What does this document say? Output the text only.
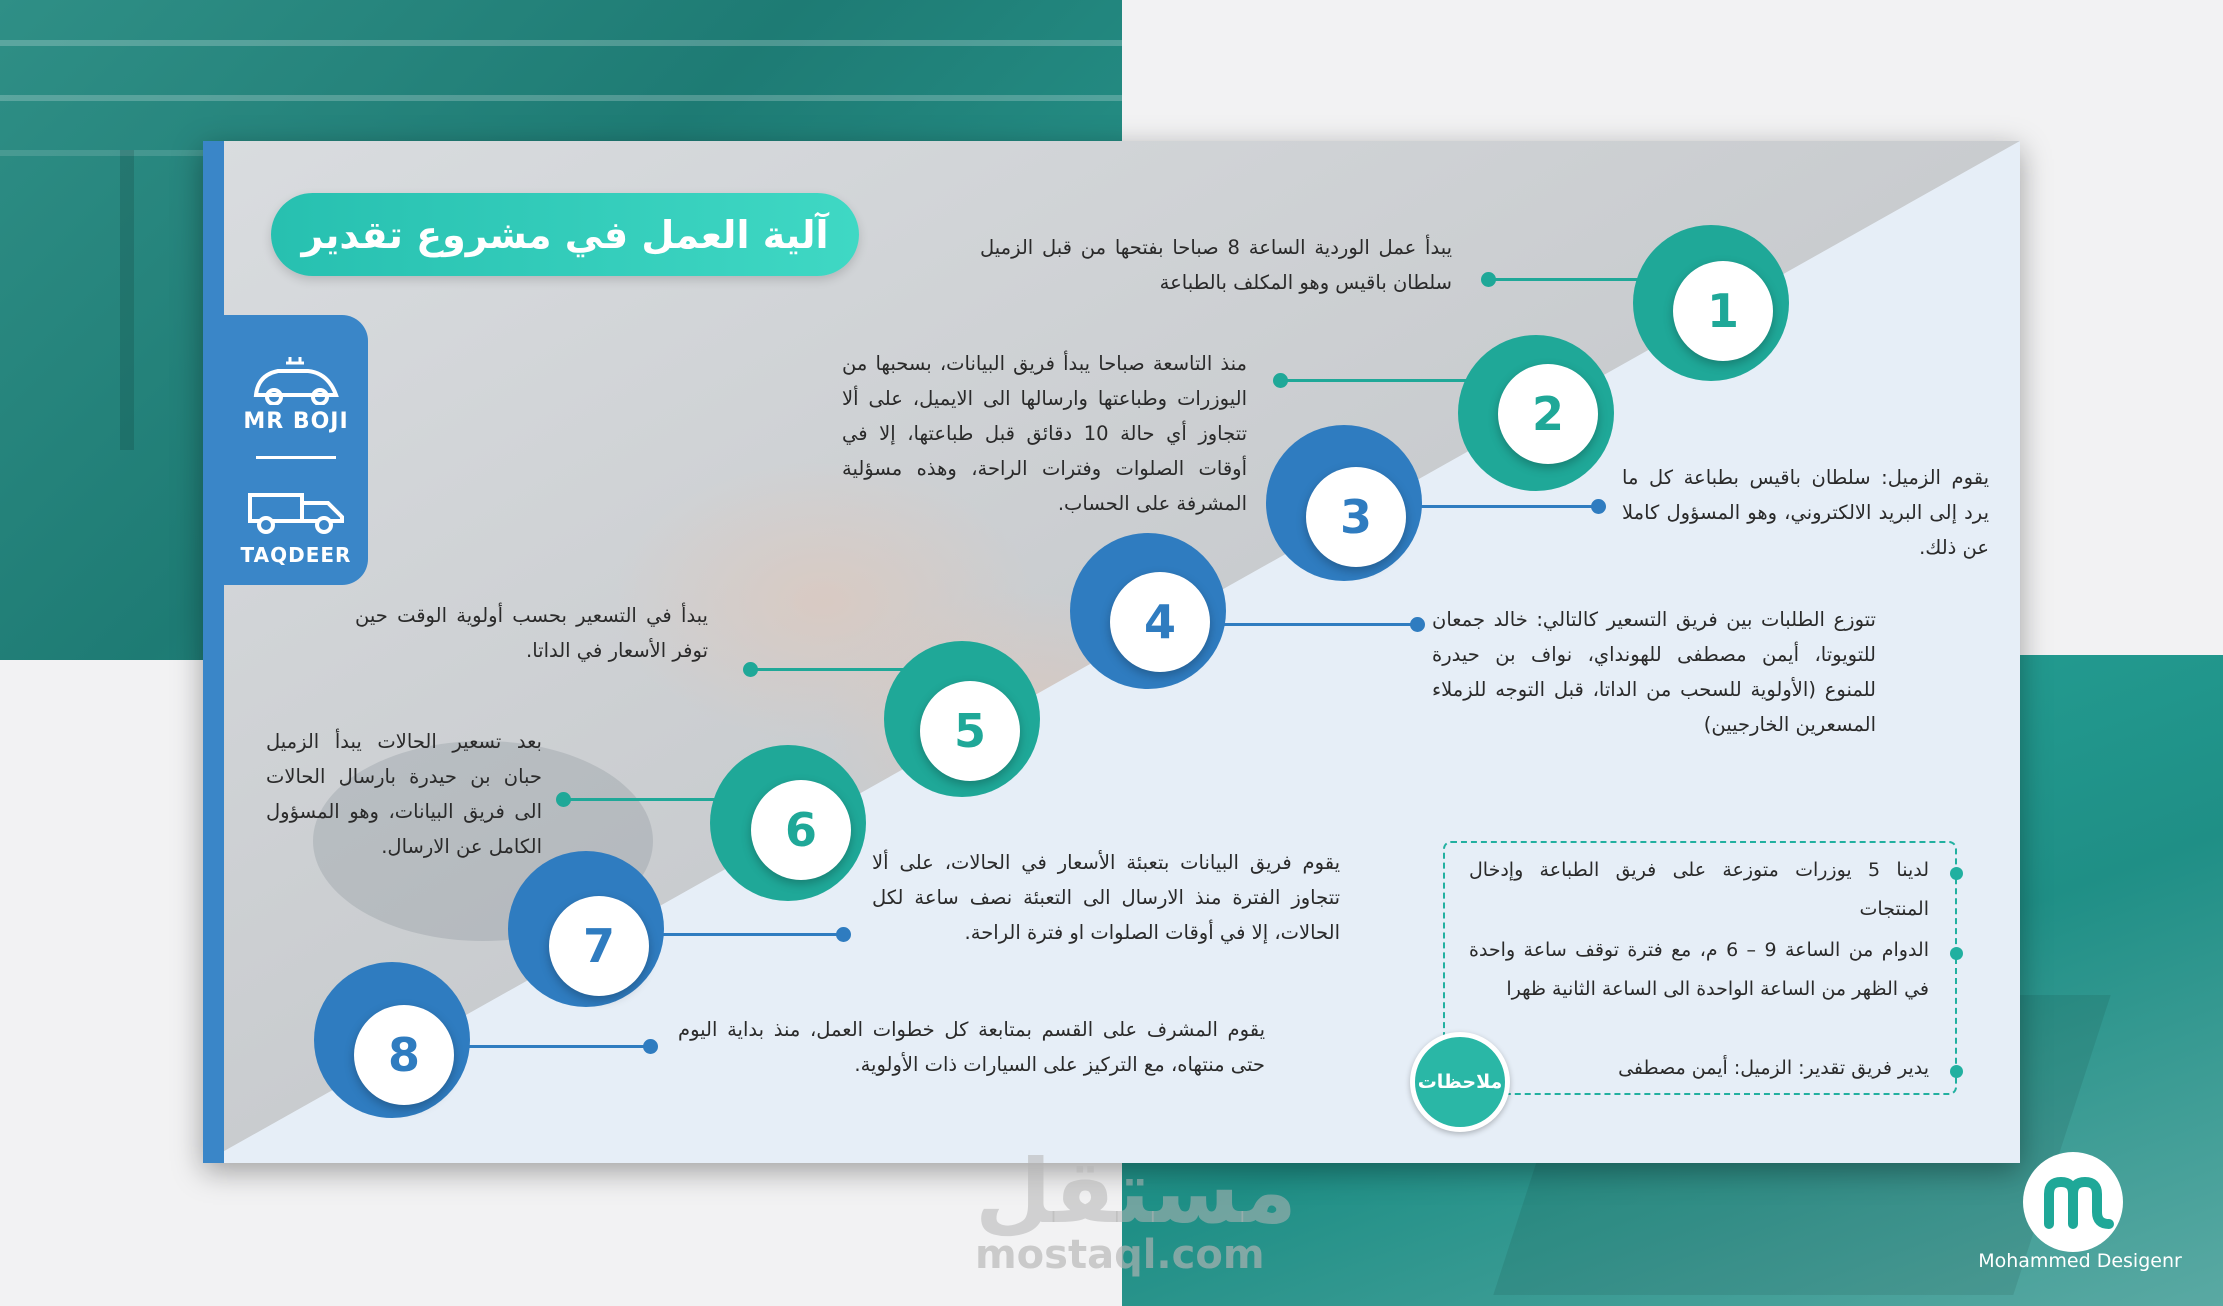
آلية العمل في مشروع تقدير
MR BOJI
TAQDEER
1
يبدأ عمل الوردية الساعة 8 صباحا بفتحها من قبل الزميل سلطان باقيس وهو المكلف بالطباعة
2
منذ التاسعة صباحا يبدأ فريق البيانات، بسحبها من اليوزرات وطباعتها وارسالها الى الايميل، على ألا تتجاوز أي حالة 10 دقائق قبل طباعتها، إلا في أوقات الصلوات وفترات الراحة، وهذه مسؤلية المشرفة على الحساب.	3
يقوم الزميل: سلطان باقيس بطباعة كل ما يرد إلى البريد الالكتروني، وهو المسؤول كاملا عن ذلك.
4	تتوزع الطلبات بين فريق التسعير كالتالي: خالد جمعان للتويوتا، أيمن مصطفى للهونداي، نواف بن حيدرة للمنوع (الأولوية للسحب من الداتا، قبل التوجه للزملاء المسعرين الخارجيين)
5
يبدأ في التسعير بحسب أولوية الوقت حين توفر الأسعار في الداتا.
6
بعد تسعير الحالات يبدأ الزميل حبان بن حيدرة بارسال الحالات الى فريق البيانات، وهو المسؤول الكامل عن الارسال.
7
يقوم فريق البيانات بتعبئة الأسعار في الحالات، على ألا تتجاوز الفترة منذ الارسال الى التعبئة نصف ساعة لكل الحالات، إلا في أوقات الصلوات او فترة الراحة.
8	يقوم المشرف على القسم بمتابعة كل خطوات العمل، منذ بداية اليوم حتى منتهاه، مع التركيز على السيارات ذات الأولوية.
لدينا 5 يوزرات متوزعة على فريق الطباعة وإدخال المنتجات
الدوام من الساعة 9 – 6 م، مع فترة توقف ساعة واحدة في الظهر من الساعة الواحدة الى الساعة الثانية ظهرا
يدير فريق تقدير: الزميل: أيمن مصطفى
ملاحظات
مستقل
mostaql.com	Mohammed Desigenr
